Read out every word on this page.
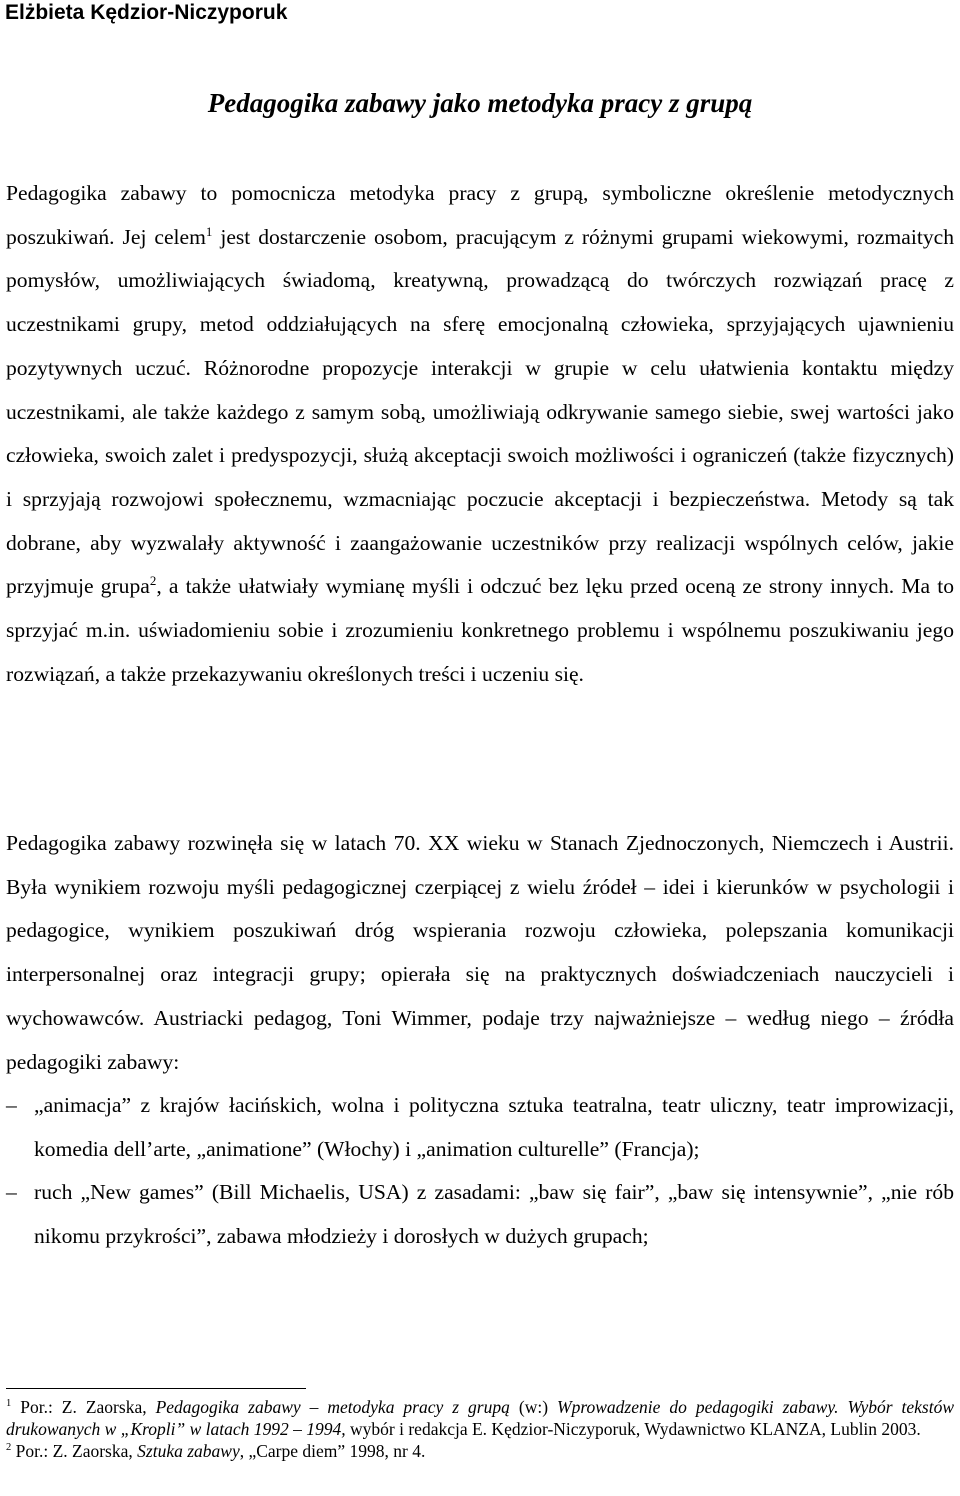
Elżbieta Kędzior-Niczyporuk
Pedagogika zabawy jako metodyka pracy z grupą

Pedagogika zabawy to pomocnicza metodyka pracy z grupą, symboliczne określenie metodycznych poszukiwań. Jej celem$^1$ jest dostarczenie osobom, pracującym z różnymi grupami wiekowymi, rozmaitych pomysłów, umożliwiających świadomą, kreatywną, prowadzącą do twórczych rozwiązań pracę z uczestnikami grupy, metod oddziałujących na sferę emocjonalną człowieka, sprzyjających ujawnieniu pozytywnych uczuć. Różnorodne propozycje interakcji w grupie w celu ułatwienia kontaktu między uczestnikami, ale także każdego z samym sobą, umożliwiają odkrywanie samego siebie, swej wartości jako człowieka, swoich zalet i predyspozycji, służą akceptacji swoich możliwości i ograniczeń (także fizycznych) i sprzyjają rozwojowi społecznemu, wzmacniając poczucie akceptacji i bezpieczeństwa. Metody są tak dobrane, aby wyzwalały aktywność i zaangażowanie uczestników przy realizacji wspólnych celów, jakie przyjmuje grupa$^2$, a także ułatwiały wymianę myśli i odczuć bez lęku przed oceną ze strony innych. Ma to sprzyjać m.in. uświadomieniu sobie i zrozumieniu konkretnego problemu i wspólnemu poszukiwaniu jego rozwiązań, a także przekazywaniu określonych treści i uczeniu się.

Pedagogika zabawy rozwinęła się w latach 70. XX wieku w Stanach Zjednoczonych, Niemczech i Austrii. Była wynikiem rozwoju myśli pedagogicznej czerpiącej z wielu źródeł – idei i kierunków w psychologii i pedagogice, wynikiem poszukiwań dróg wspierania rozwoju człowieka, polepszania komunikacji interpersonalnej oraz integracji grupy; opierała się na praktycznych doświadczeniach nauczycieli i wychowawców. Austriacki pedagog, Toni Wimmer, podaje trzy najważniejsze – według niego – źródła pedagogiki zabawy:

– „animacja” z krajów łacińskich, wolna i polityczna sztuka teatralna, teatr uliczny, teatr improwizacji, komedia dell’arte, „animatione” (Włochy) i „animation culturelle” (Francja);
– ruch „New games” (Bill Michaelis, USA) z zasadami: „baw się fair”, „baw się intensywnie”, „nie rób nikomu przykrości”, zabawa młodzieży i dorosłych w dużych grupach;

$^1$ Por.: Z. Zaorska, Pedagogika zabawy – metodyka pracy z grupą (w:) Wprowadzenie do pedagogiki zabawy. Wybór tekstów drukowanych w „Kropli” w latach 1992 – 1994, wybór i redakcja E. Kędzior-Niczyporuk, Wydawnictwo KLANZA, Lublin 2003.

$^2$ Por.: Z. Zaorska, Sztuka zabawy, „Carpe diem” 1998, nr 4.
